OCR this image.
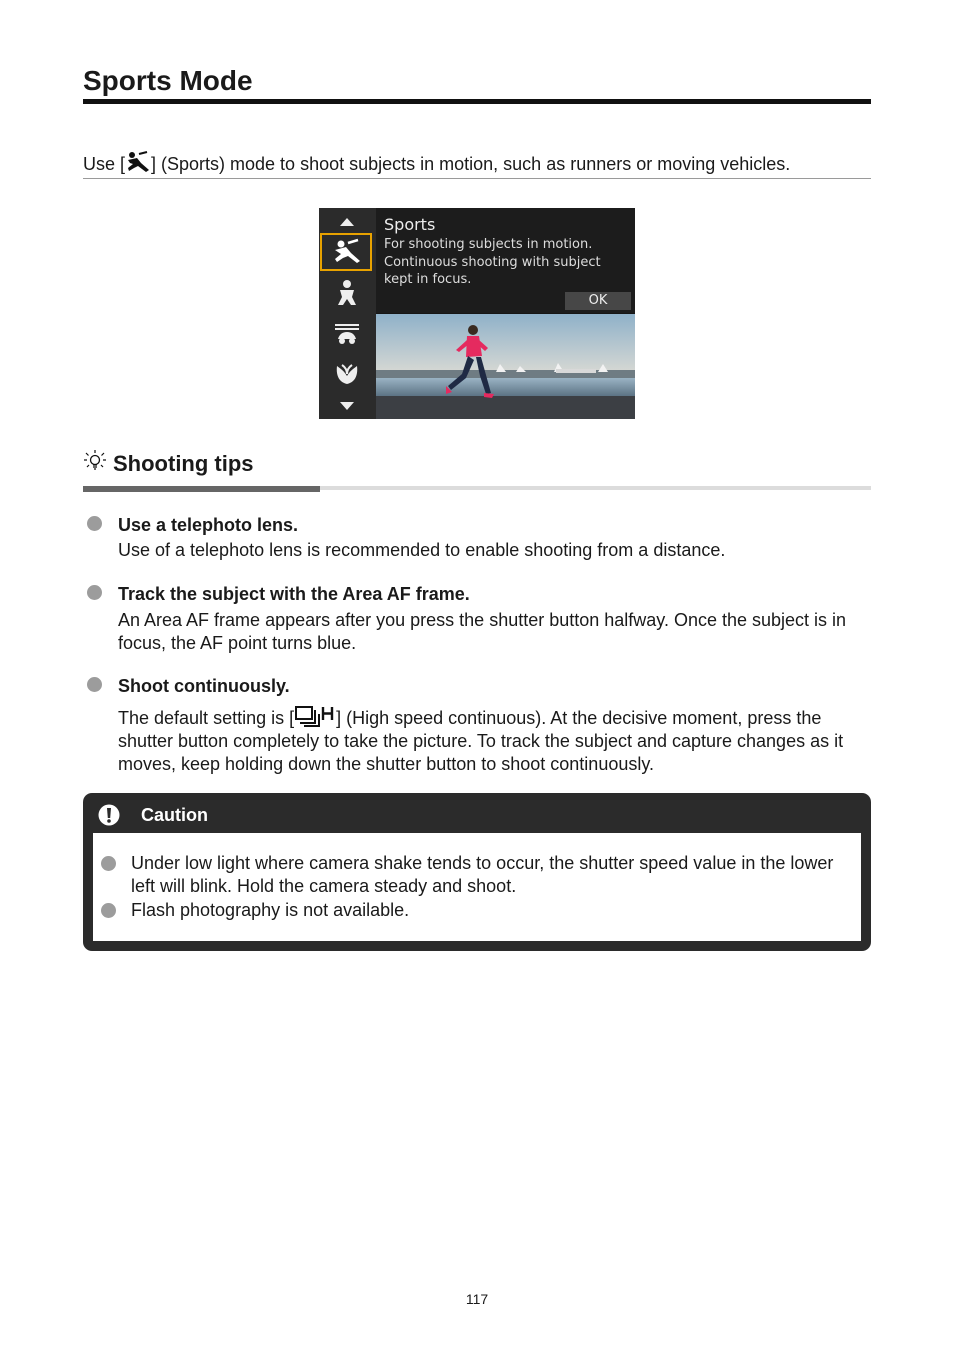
Sports Mode
Use [ ] (Sports) mode to shoot subjects in motion, such as runners or moving vehicles.
Sports
For shooting subjects in motion. Continuous shooting with subject kept in focus.
OK
Shooting tips
Use a telephoto lens.
Use of a telephoto lens is recommended to enable shooting from a distance.
Track the subject with the Area AF frame.
An Area AF frame appears after you press the shutter button halfway. Once the subject is in focus, the AF point turns blue.
Shoot continuously.
The default setting is [ ] (High speed continuous). At the decisive moment, press the shutter button completely to take the picture. To track the subject and capture changes as it moves, keep holding down the shutter button to shoot continuously.
Caution
Under low light where camera shake tends to occur, the shutter speed value in the lower left will blink. Hold the camera steady and shoot.
Flash photography is not available.
117
